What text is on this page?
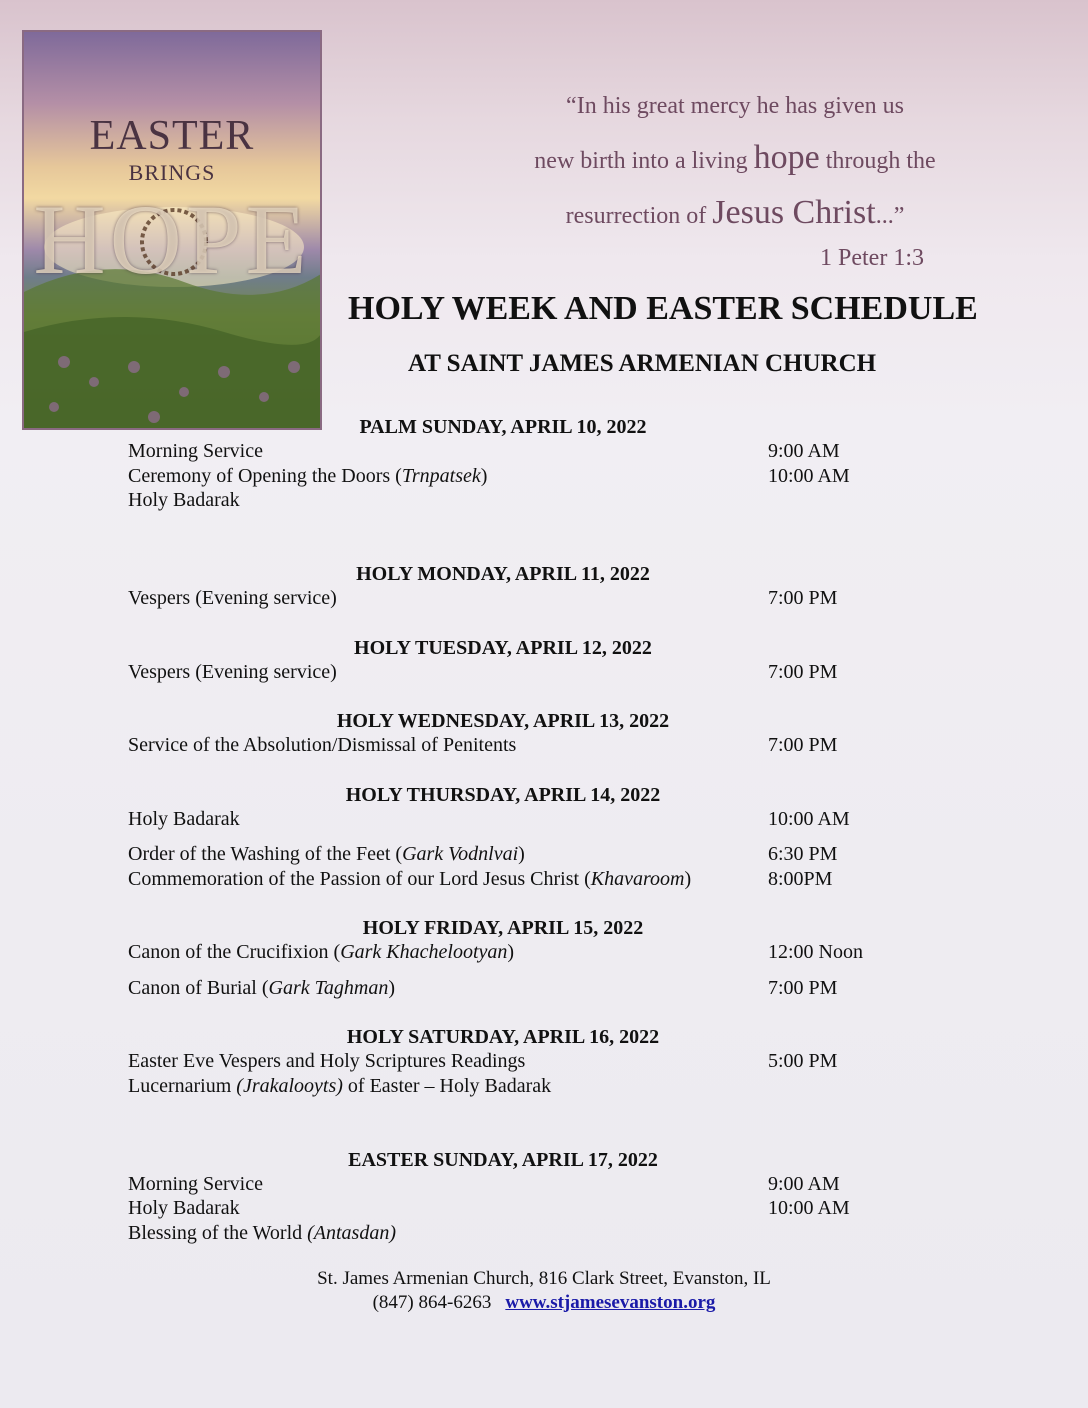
EASTER
BRINGS
HOPE
“In his great mercy he has given us
new birth into a living hope through the
resurrection of Jesus Christ...”
1 Peter 1:3
HOLY WEEK AND EASTER SCHEDULE
AT SAINT JAMES ARMENIAN CHURCH
PALM SUNDAY, APRIL 10, 2022
Morning Service	9:00 AM
Ceremony of Opening the Doors (Trnpatsek)	10:00 AM
Holy Badarak
HOLY MONDAY, APRIL 11, 2022
Vespers (Evening service)	7:00 PM
HOLY TUESDAY, APRIL 12, 2022
Vespers (Evening service)	7:00 PM
HOLY WEDNESDAY, APRIL 13, 2022
Service of the Absolution/Dismissal of Penitents	7:00 PM
HOLY THURSDAY, APRIL 14, 2022
Holy Badarak	10:00 AM
Order of the Washing of the Feet (Gark Vodnlvai)	6:30 PM
Commemoration of the Passion of our Lord Jesus Christ (Khavaroom)	8:00PM
HOLY FRIDAY, APRIL 15, 2022
Canon of the Crucifixion (Gark Khachelootyan)	12:00 Noon
Canon of Burial (Gark Taghman)	7:00 PM
HOLY SATURDAY, APRIL 16, 2022
Easter Eve Vespers and Holy Scriptures Readings	5:00 PM
Lucernarium (Jrakalooyts) of Easter – Holy Badarak
EASTER SUNDAY, APRIL 17, 2022
Morning Service	9:00 AM
Holy Badarak	10:00 AM
Blessing of the World (Antasdan)
St. James Armenian Church, 816 Clark Street, Evanston, IL
(847) 864-6263 www.stjamesevanston.org
